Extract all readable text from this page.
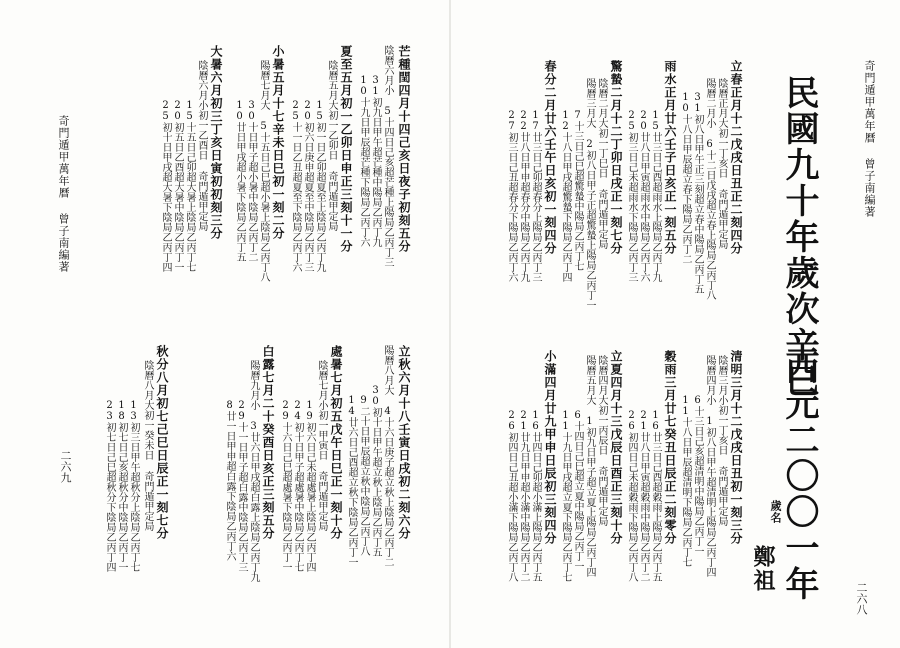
奇門遁甲萬年曆 曾子南編著
二六八
民國九十年歲次辛巳
西元二〇〇一年
歲名
鄭祖
立春正月十二戊戌日丑正二刻四分
陰曆正月大初一丁亥日 奇門遁甲定局
陽曆二月小 6十二日戊戌超立春上陽局乙丙丁八
31初八日甲午正三刻超立春中陽局乙丙丁五
10十八日甲辰超立春下陽局乙丙丁二
雨水正月廿六壬子日亥正一刻五分
15廿三日己酉超雨水上陽局乙丙丁九
20廿八日甲寅超雨水中陽局乙丙丁六
25初三日己未超雨水下陽局乙丙丁三
驚蟄二月十二丁卯日戌正一刻七分
陰曆二月大初一丁巳日 奇門遁甲定局
陽曆三月大 2初八日甲子正超驚蟄上陽局乙丙丁一
7十三日己巳超驚蟄中陽局乙丙丁七
12十八日甲戌超驚蟄下陽局乙丙丁四
春分二月廿六壬午日亥初一刻四分
17廿三日己卯超春分上陽局乙丙丁三
22廿八日甲申超春分中陽局乙丙丁九
27初三日己丑超春分下陽局乙丙丁六
清明三月十二戊戌日丑初一刻三分
陰曆三月小初一丁亥日 奇門遁甲定局
陽曆四月小 1初八日甲午超清明上陽局乙丙丁四
6十三日己亥超清明中陽局乙丙丁一
11十八日甲辰超清明下陽局乙丙丁七
穀雨三月廿七癸丑日辰正二刻零分
16廿三日己酉超穀雨上陽局乙丙丁五
21廿八日甲寅超穀雨中陽局乙丙丁二
26初四日己未超穀雨下陽局乙丙丁八
立夏四月十三戊辰日酉正三刻十分
陰曆四月大初一丙辰日 奇門遁甲定局
陽曆五月大 1初九日甲子超立夏上陽局乙丙丁四
6十四日己巳超立夏中陽局乙丙丁一
11十九日甲戌超立夏下陽局乙丙丁七
小滿四月廿九甲申日辰初三刻四分
16廿四日己卯超小滿上陽局乙丙丁五
21廿九日甲申超小滿中陽局乙丙丁二
26初四日己丑超小滿下陽局乙丙丁八
芒種閏四月十四己亥日夜子初刻五分
陰曆六月小 5十四日己亥超芒種上陽局乙丙丁三
31初九日甲午超芒種中陽局乙丙丁九
10十九日甲辰超芒種下陽局乙丙丁六
夏至五月初一乙卯日申正三刻十一分
陰曆五月大初一乙卯日 奇門遁甲定局
15初一日乙卯超夏至上陰局乙丙丁九
20初六日庚申超夏至中陰局乙丙丁三
25十一日乙丑超夏至下陰局乙丙丁六
小暑五月十七辛未日巳初一刻二分
陽曆七月大 5十五日己巳超小暑上陰局乙丙丁八
30十日甲子超小暑中陰局乙丙丁二
10廿日甲戌超小暑下陰局乙丙丁五
大暑六月初三丁亥日寅初初刻三分
陰曆六月小初一乙酉日 奇門遁甲定局
15十五日己卯超大暑上陰局乙丙丁七
20初五日乙酉超大暑中陰局乙丙丁一
25初十日甲戌超大暑下陰局乙丙丁四
立秋六月十八壬寅日戌初二刻六分
陽曆八月大 4十六日庚子超立秋上陰局乙丙丁二
30初十日甲午超立秋上陰局乙丙丁五
9二十日甲辰超立秋中陰局乙丙丁八
14廿六日己酉超立秋下陰局乙丙丁一
處暑七月初五戊午日巳正一刻十分
陰曆七月小初一甲寅日 奇門遁甲定局
19初六日己未超處暑上陰局乙丙丁四
24初十日甲子超處暑中陰局乙丙丁七
29十六日己巳超處暑下陰局乙丙丁一
白露七月二十癸酉日亥正三刻五分
陽曆九月小 3廿六日甲戌超白露上陰局乙丙丁九
29十一日甲子超白露中陰局乙丙丁三
8廿一日甲申超白露下陰局乙丙丁六
秋分八月初七己巳日辰正一刻七分
陰曆八月大初一癸未日 奇門遁甲定局
13初三日甲午超秋分上陰局乙丙丁七
18初七日己亥超秋分中陰局乙丙丁一
23初七日己巳超秋分下陰局乙丙丁四
奇門遁甲萬年曆 曾子南編著
二六九
